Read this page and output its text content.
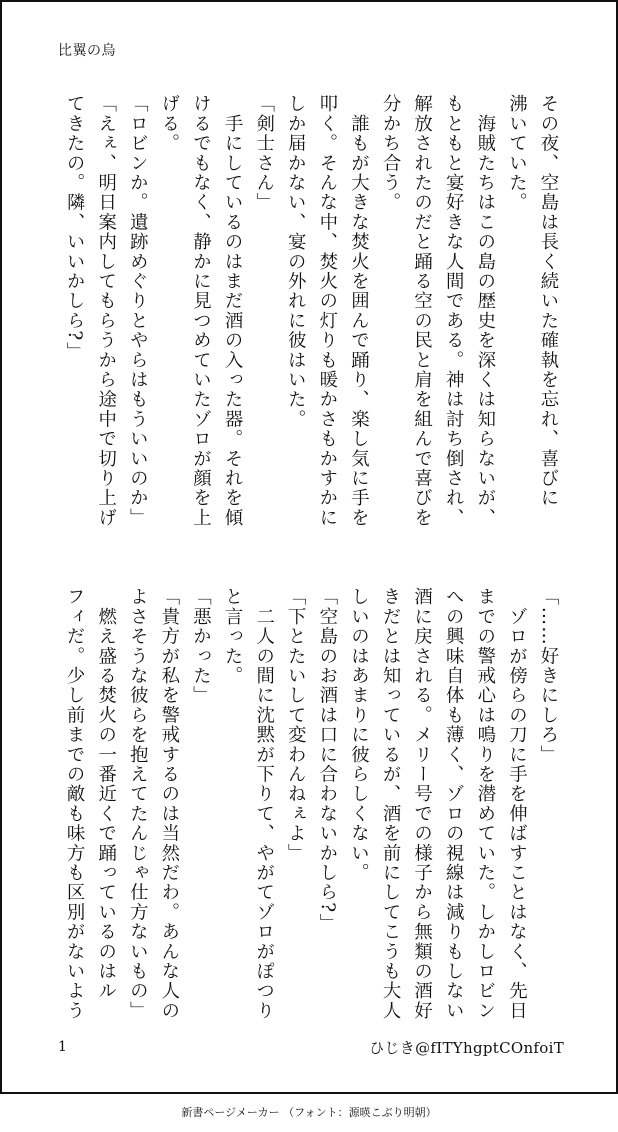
比翼の烏

その夜、空島は長く続いた確執を忘れ、喜びに

沸いていた。

　海賊たちはこの島の歴史を深くは知らないが、

もともと宴好きな人間である。神は討ち倒され、

解放されたのだと踊る空の民と肩を組んで喜びを

分かち合う。

　誰もが大きな焚火を囲んで踊り、楽し気に手を

叩く。そんな中、焚火の灯りも暖かさもかすかに

しか届かない、宴の外れに彼はいた。

「剣士さん」

　手にしているのはまだ酒の入った器。それを傾

けるでもなく、静かに見つめていたゾロが顔を上

げる。

「ロビンか。遺跡めぐりとやらはもういいのか」

「えぇ、明日案内してもらうから途中で切り上げ

てきたの。隣、いいかしら?」

「……好きにしろ」

　ゾロが傍らの刀に手を伸ばすことはなく、先日

までの警戒心は鳴りを潜めていた。しかしロビン

への興味自体も薄く、ゾロの視線は減りもしない

酒に戻される。メリー号での様子から無類の酒好

きだとは知っているが、酒を前にしてこうも大人

しいのはあまりに彼らしくない。

「空島のお酒は口に合わないかしら?」

「下とたいして変わんねぇよ」

　二人の間に沈黙が下りて、やがてゾロがぽつり

と言った。

「悪かった」

「貴方が私を警戒するのは当然だわ。あんな人の

よさそうな彼らを抱えてたんじゃ仕方ないもの」

　燃え盛る焚火の一番近くで踊っているのはル

フィだ。少し前までの敵も味方も区別がないよう

1	ひじき@fITYhgptCOnfoiT
新書ページメーカー （フォント：源暎こぶり明朝）
